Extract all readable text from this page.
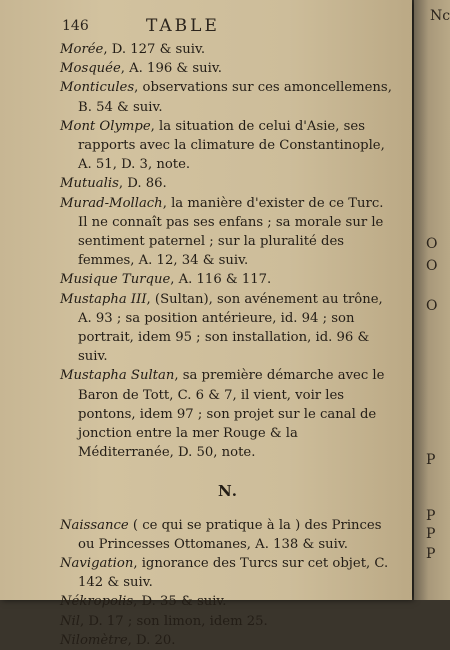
146	TABLE

Morée, D. 127 & suiv.

Mosquée, A. 196 & suiv.

Monticules, observations sur ces amoncellemens, B. 54 & suiv.

Mont Olympe, la situation de celui d'Asie, ses rapports avec la climature de Constantinople, A. 51, D. 3, note.

Mutualis, D. 86.

Murad-Mollach, la manière d'exister de ce Turc. Il ne connaît pas ses enfans ; sa morale sur le sentiment paternel ; sur la pluralité des femmes, A. 12, 34 & suiv.

Musique Turque, A. 116 & 117.

Mustapha III, (Sultan), son avénement au trône, A. 93 ; sa position antérieure, id. 94 ; son portrait, idem 95 ; son installation, id. 96 & suiv.

Mustapha Sultan, sa première démarche avec le Baron de Tott, C. 6 & 7, il vient, voir les pontons, idem 97 ; son projet sur le canal de jonction entre la mer Rouge & la Méditerranée, D. 50, note.

N.

Naissance ( ce qui se pratique à la ) des Princes ou Princesses Ottomanes, A. 138 & suiv.

Navigation, ignorance des Turcs sur cet objet, C. 142 & suiv.

Nékropolis, D. 35 & suiv.

Nil, D. 17 ; son limon, idem 25.

Nilomètre, D. 20.

Nc
O
O
O
P
P
P
P
